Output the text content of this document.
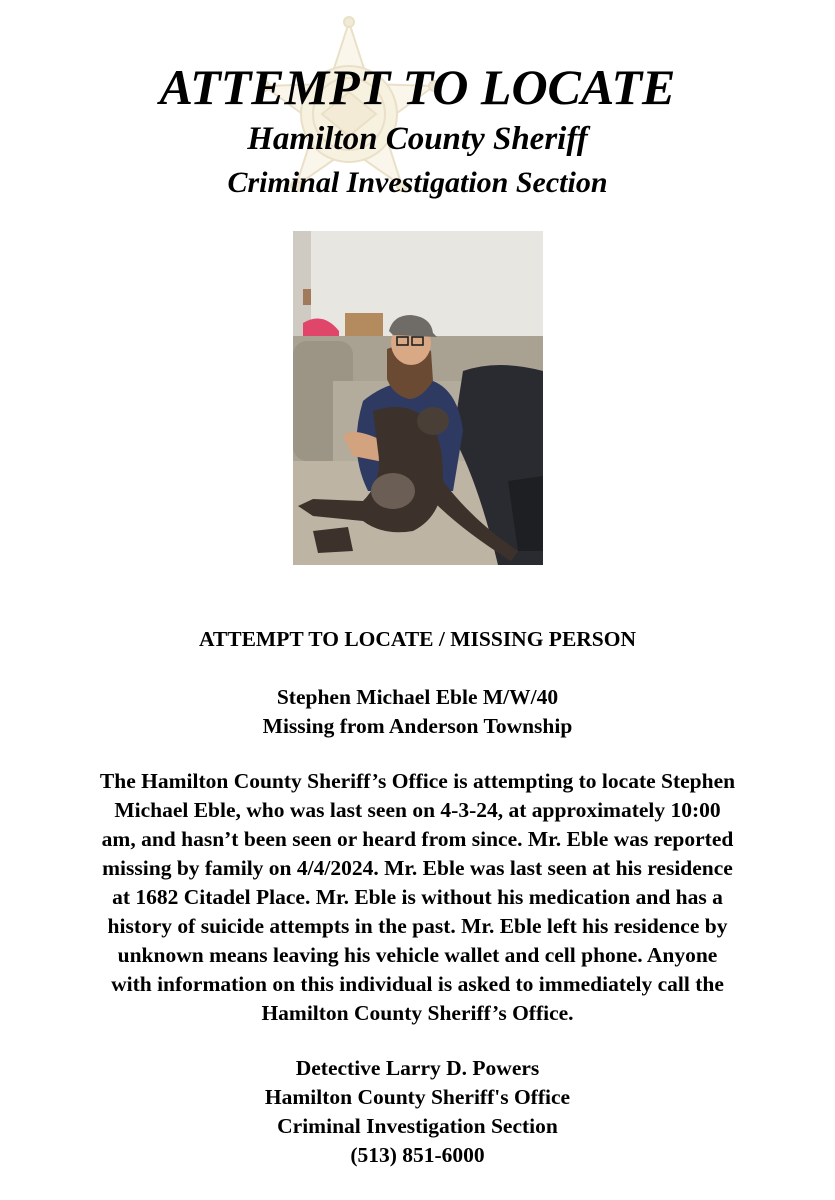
ATTEMPT TO LOCATE
Hamilton County Sheriff
Criminal Investigation Section

ATTEMPT TO LOCATE / MISSING PERSON

Stephen Michael Eble M/W/40
Missing from Anderson Township

The Hamilton County Sheriff’s Office is attempting to locate Stephen
Michael Eble, who was last seen on 4-3-24, at approximately 10:00
am, and hasn’t been seen or heard from since. Mr. Eble was reported
missing by family on 4/4/2024. Mr. Eble was last seen at his residence
at 1682 Citadel Place. Mr. Eble is without his medication and has a
history of suicide attempts in the past. Mr. Eble left his residence by
unknown means leaving his vehicle wallet and cell phone. Anyone
with information on this individual is asked to immediately call the
Hamilton County Sheriff’s Office.

Detective Larry D. Powers
Hamilton County Sheriff's Office
Criminal Investigation Section
(513) 851-6000
